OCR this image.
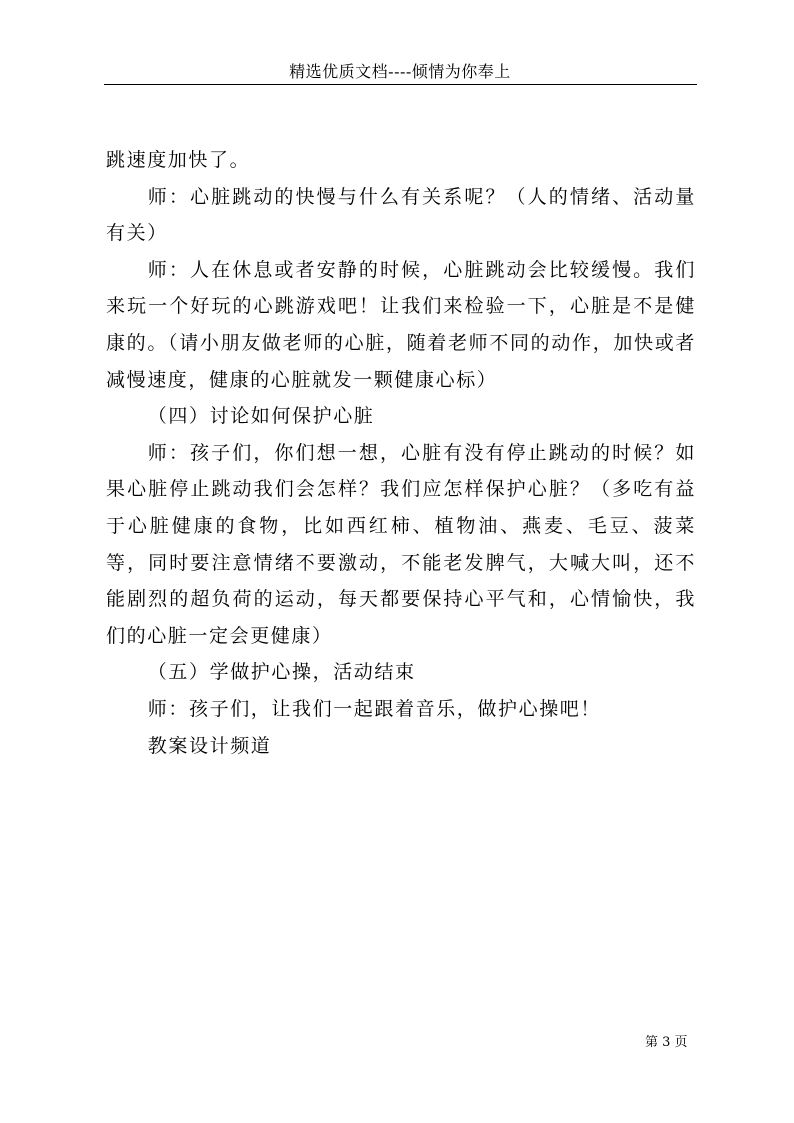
精选优质文档----倾情为你奉上

跳速度加快了。

师：心脏跳动的快慢与什么有关系呢？（人的情绪、活动量有关）

师：人在休息或者安静的时候，心脏跳动会比较缓慢。我们来玩一个好玩的心跳游戏吧！让我们来检验一下，心脏是不是健康的。（请小朋友做老师的心脏，随着老师不同的动作，加快或者减慢速度，健康的心脏就发一颗健康心标）

（四）讨论如何保护心脏

师：孩子们，你们想一想，心脏有没有停止跳动的时候？如果心脏停止跳动我们会怎样？我们应怎样保护心脏？（多吃有益于心脏健康的食物，比如西红柿、植物油、燕麦、毛豆、菠菜等，同时要注意情绪不要激动，不能老发脾气，大喊大叫，还不能剧烈的超负荷的运动，每天都要保持心平气和，心情愉快，我们的心脏一定会更健康）

（五）学做护心操，活动结束

师：孩子们，让我们一起跟着音乐，做护心操吧！

教案设计频道

第 3 页
